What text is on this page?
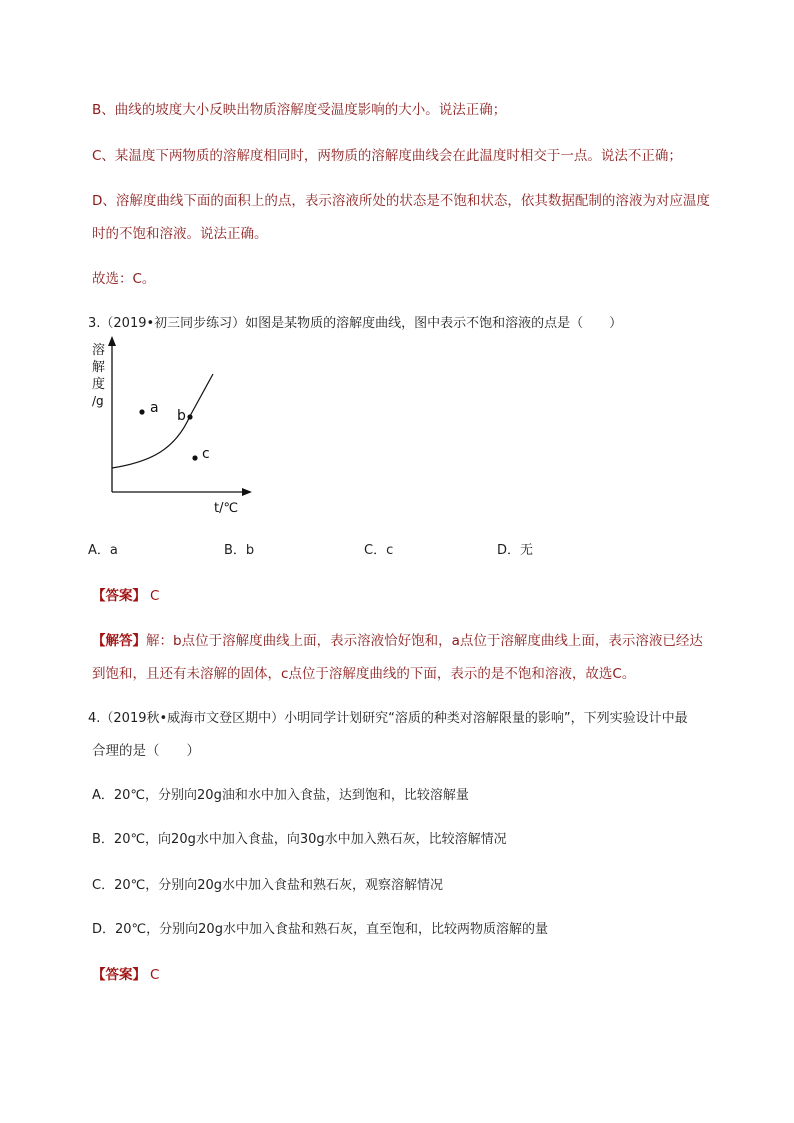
B、曲线的坡度大小反映出物质溶解度受温度影响的大小。说法正确；
C、某温度下两物质的溶解度相同时，两物质的溶解度曲线会在此温度时相交于一点。说法不正确；
D、溶解度曲线下面的面积上的点，表示溶液所处的状态是不饱和状态，依其数据配制的溶液为对应温度
时的不饱和溶液。说法正确。
故选：C。
3.（2019•初三同步练习）如图是某物质的溶解度曲线，图中表示不饱和溶液的点是（　　）
溶
解
度
/g
t/℃
a b
c
A．a	B．b	C．c	D．无
【答案】 C
【解答】解：b点位于溶解度曲线上面，表示溶液恰好饱和，a点位于溶解度曲线上面，表示溶液已经达
到饱和，且还有未溶解的固体，c点位于溶解度曲线的下面，表示的是不饱和溶液，故选C。
4.（2019秋•威海市文登区期中）小明同学计划研究“溶质的种类对溶解限量的影响”，下列实验设计中最
合理的是（　　）
A．20℃，分别向20g油和水中加入食盐，达到饱和，比较溶解量
B．20℃，向20g水中加入食盐，向30g水中加入熟石灰，比较溶解情况
C．20℃，分别向20g水中加入食盐和熟石灰，观察溶解情况
D．20℃，分别向20g水中加入食盐和熟石灰，直至饱和，比较两物质溶解的量
【答案】 C
